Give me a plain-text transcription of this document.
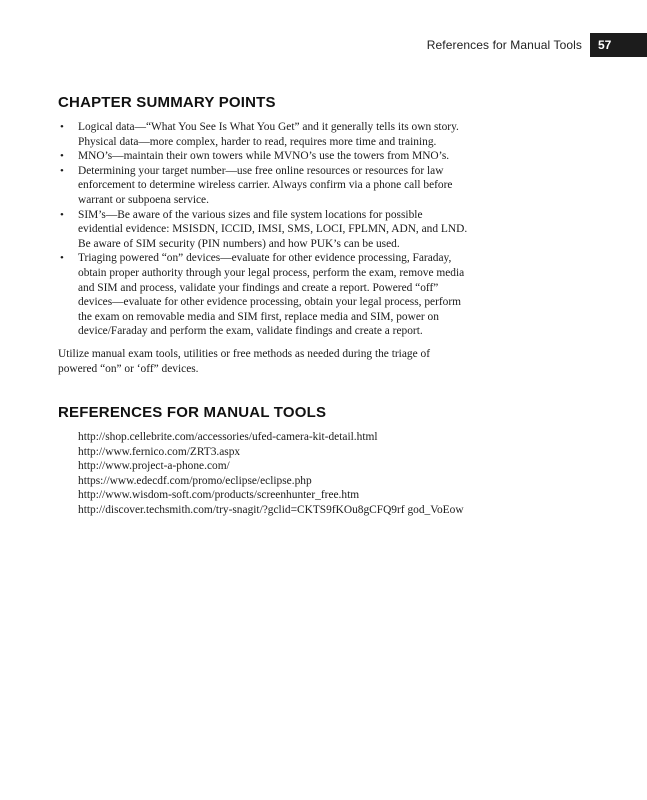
References for Manual Tools	57
CHAPTER SUMMARY POINTS
• Logical data—“What You See Is What You Get” and it generally tells its own story. Physical data—more complex, harder to read, requires more time and training.
• MNO’s—maintain their own towers while MVNO’s use the towers from MNO’s.
• Determining your target number—use free online resources or resources for law enforcement to determine wireless carrier. Always confirm via a phone call before warrant or subpoena service.
• SIM’s—Be aware of the various sizes and file system locations for possible evidential evidence: MSISDN, ICCID, IMSI, SMS, LOCI, FPLMN, ADN, and LND. Be aware of SIM security (PIN numbers) and how PUK’s can be used.
• Triaging powered “on” devices—evaluate for other evidence processing, Faraday, obtain proper authority through your legal process, perform the exam, remove media and SIM and process, validate your findings and create a report. Powered “off” devices—evaluate for other evidence processing, obtain your legal process, perform the exam on removable media and SIM first, replace media and SIM, power on device/Faraday and perform the exam, validate findings and create a report.

Utilize manual exam tools, utilities or free methods as needed during the triage of powered “on” or ‘off” devices.

REFERENCES FOR MANUAL TOOLS
http://shop.cellebrite.com/accessories/ufed-camera-kit-detail.html
http://www.fernico.com/ZRT3.aspx
http://www.project-a-phone.com/
https://www.edecdf.com/promo/eclipse/eclipse.php
http://www.wisdom-soft.com/products/screenhunter_free.htm
http://discover.techsmith.com/try-snagit/?gclid=CKTS9fKOu8gCFQ9rf god_VoEow
